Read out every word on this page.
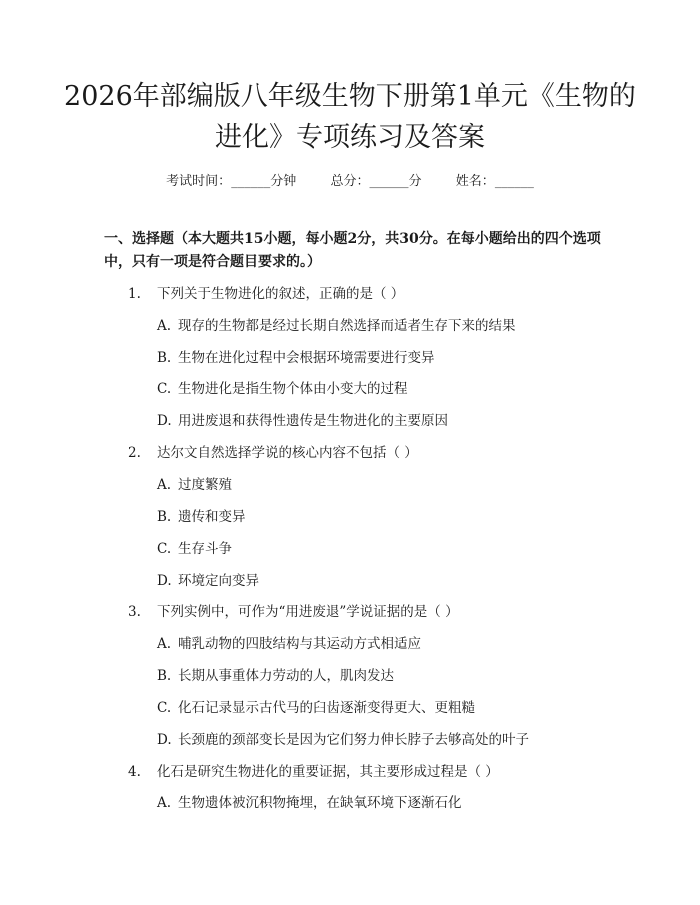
2026年部编版八年级生物下册第1单元《生物的进化》专项练习及答案
考试时间：______分钟	总分：______分	姓名：______
一、选择题（本大题共15小题，每小题2分，共30分。在每小题给出的四个选项中，只有一项是符合题目要求的。）
1. 下列关于生物进化的叙述，正确的是（ ）
A. 现存的生物都是经过长期自然选择而适者生存下来的结果
B. 生物在进化过程中会根据环境需要进行变异
C. 生物进化是指生物个体由小变大的过程
D. 用进废退和获得性遗传是生物进化的主要原因
2. 达尔文自然选择学说的核心内容不包括（ ）
A. 过度繁殖
B. 遗传和变异
C. 生存斗争
D. 环境定向变异
3. 下列实例中，可作为“用进废退”学说证据的是（ ）
A. 哺乳动物的四肢结构与其运动方式相适应
B. 长期从事重体力劳动的人，肌肉发达
C. 化石记录显示古代马的臼齿逐渐变得更大、更粗糙
D. 长颈鹿的颈部变长是因为它们努力伸长脖子去够高处的叶子
4. 化石是研究生物进化的重要证据，其主要形成过程是（ ）
A. 生物遗体被沉积物掩埋，在缺氧环境下逐渐石化
